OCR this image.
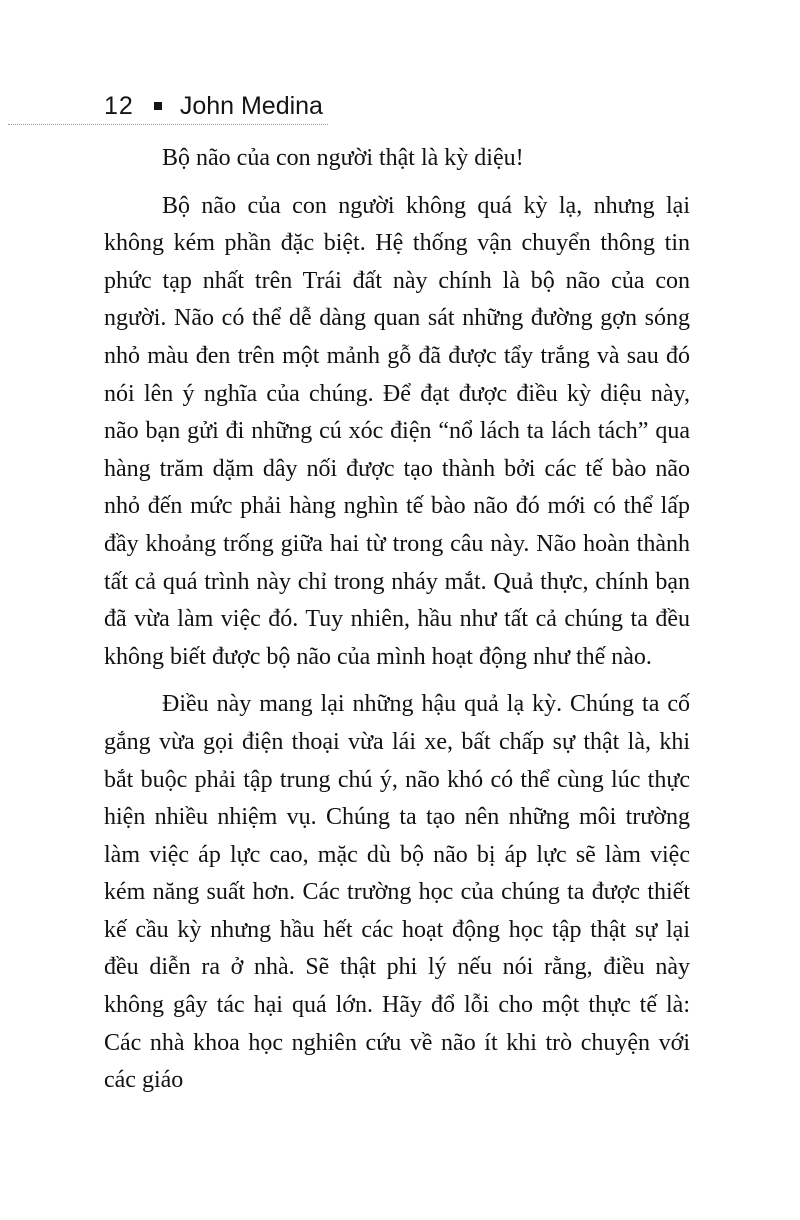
12 John Medina

Bộ não của con người thật là kỳ diệu!

Bộ não của con người không quá kỳ lạ, nhưng lại không kém phần đặc biệt. Hệ thống vận chuyển thông tin phức tạp nhất trên Trái đất này chính là bộ não của con người. Não có thể dễ dàng quan sát những đường gợn sóng nhỏ màu đen trên một mảnh gỗ đã được tẩy trắng và sau đó nói lên ý nghĩa của chúng. Để đạt được điều kỳ diệu này, não bạn gửi đi những cú xóc điện “nổ lách ta lách tách” qua hàng trăm dặm dây nối được tạo thành bởi các tế bào não nhỏ đến mức phải hàng nghìn tế bào não đó mới có thể lấp đầy khoảng trống giữa hai từ trong câu này. Não hoàn thành tất cả quá trình này chỉ trong nháy mắt. Quả thực, chính bạn đã vừa làm việc đó. Tuy nhiên, hầu như tất cả chúng ta đều không biết được bộ não của mình hoạt động như thế nào.

Điều này mang lại những hậu quả lạ kỳ. Chúng ta cố gắng vừa gọi điện thoại vừa lái xe, bất chấp sự thật là, khi bắt buộc phải tập trung chú ý, não khó có thể cùng lúc thực hiện nhiều nhiệm vụ. Chúng ta tạo nên những môi trường làm việc áp lực cao, mặc dù bộ não bị áp lực sẽ làm việc kém năng suất hơn. Các trường học của chúng ta được thiết kế cầu kỳ nhưng hầu hết các hoạt động học tập thật sự lại đều diễn ra ở nhà. Sẽ thật phi lý nếu nói rằng, điều này không gây tác hại quá lớn. Hãy đổ lỗi cho một thực tế là: Các nhà khoa học nghiên cứu về não ít khi trò chuyện với các giáo
